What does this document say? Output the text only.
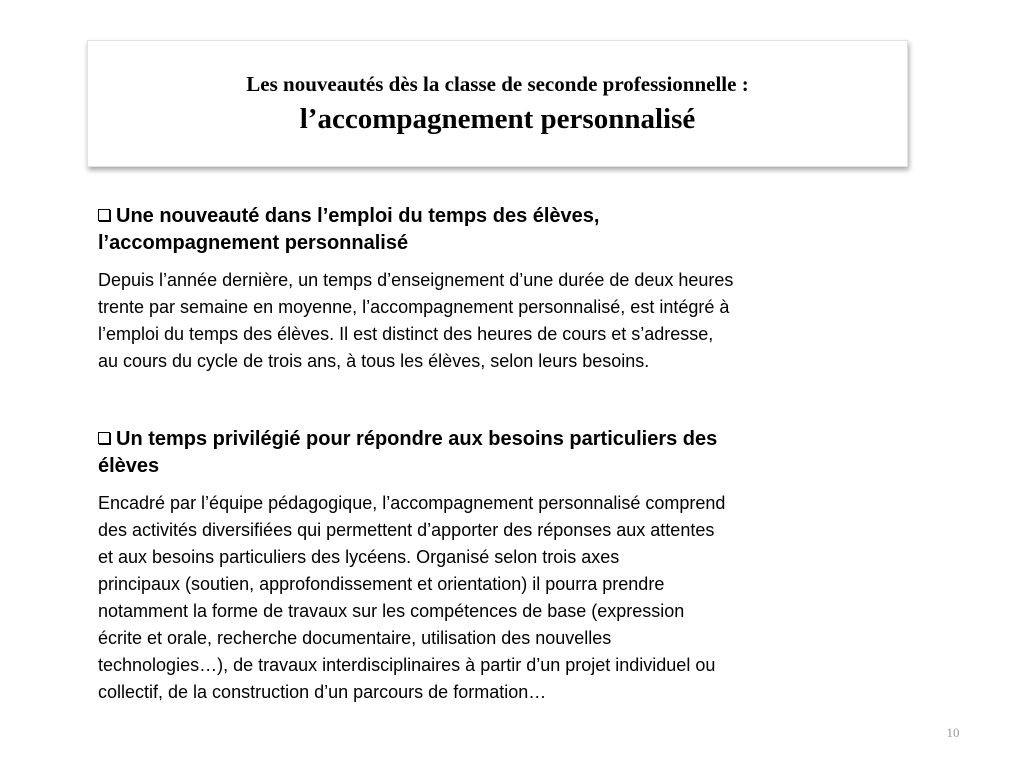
Les nouveautés dès la classe de seconde professionnelle :
l’accompagnement personnalisé

Une nouveauté dans l’emploi du temps des élèves,
l’accompagnement personnalisé

Depuis l’année dernière, un temps d’enseignement d’une durée de deux heures
trente par semaine en moyenne, l’accompagnement personnalisé, est intégré à
l’emploi du temps des élèves. Il est distinct des heures de cours et s’adresse,
au cours du cycle de trois ans, à tous les élèves, selon leurs besoins.

Un temps privilégié pour répondre aux besoins particuliers des
élèves

Encadré par l’équipe pédagogique, l’accompagnement personnalisé comprend
des activités diversifiées qui permettent d’apporter des réponses aux attentes
et aux besoins particuliers des lycéens. Organisé selon trois axes
principaux (soutien, approfondissement et orientation) il pourra prendre
notamment la forme de travaux sur les compétences de base (expression
écrite et orale, recherche documentaire, utilisation des nouvelles
technologies…), de travaux interdisciplinaires à partir d’un projet individuel ou
collectif, de la construction d’un parcours de formation…

10
